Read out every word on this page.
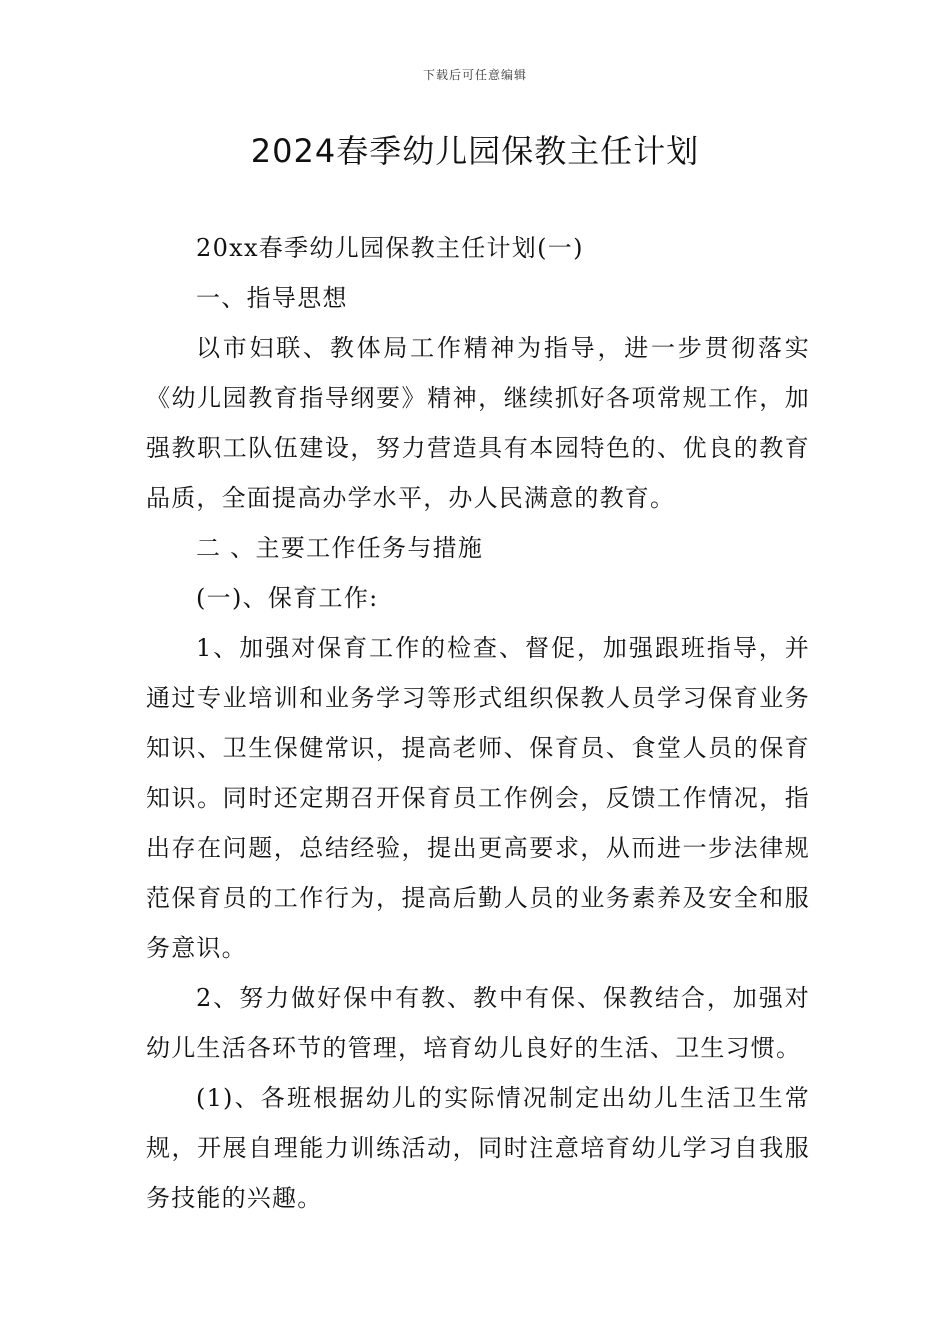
下载后可任意编辑
2024春季幼儿园保教主任计划

20xx春季幼儿园保教主任计划(一)

一、指导思想

以市妇联、教体局工作精神为指导，进一步贯彻落实《幼儿园教育指导纲要》精神，继续抓好各项常规工作，加强教职工队伍建设，努力营造具有本园特色的、优良的教育品质，全面提高办学水平，办人民满意的教育。

二 、主要工作任务与措施

(一)、保育工作:

1、加强对保育工作的检查、督促，加强跟班指导，并通过专业培训和业务学习等形式组织保教人员学习保育业务知识、卫生保健常识，提高老师、保育员、食堂人员的保育知识。同时还定期召开保育员工作例会，反馈工作情况，指出存在问题，总结经验，提出更高要求，从而进一步法律规范保育员的工作行为，提高后勤人员的业务素养及安全和服务意识。

2、努力做好保中有教、教中有保、保教结合，加强对幼儿生活各环节的管理，培育幼儿良好的生活、卫生习惯。

(1)、各班根据幼儿的实际情况制定出幼儿生活卫生常规，开展自理能力训练活动，同时注意培育幼儿学习自我服务技能的兴趣。
